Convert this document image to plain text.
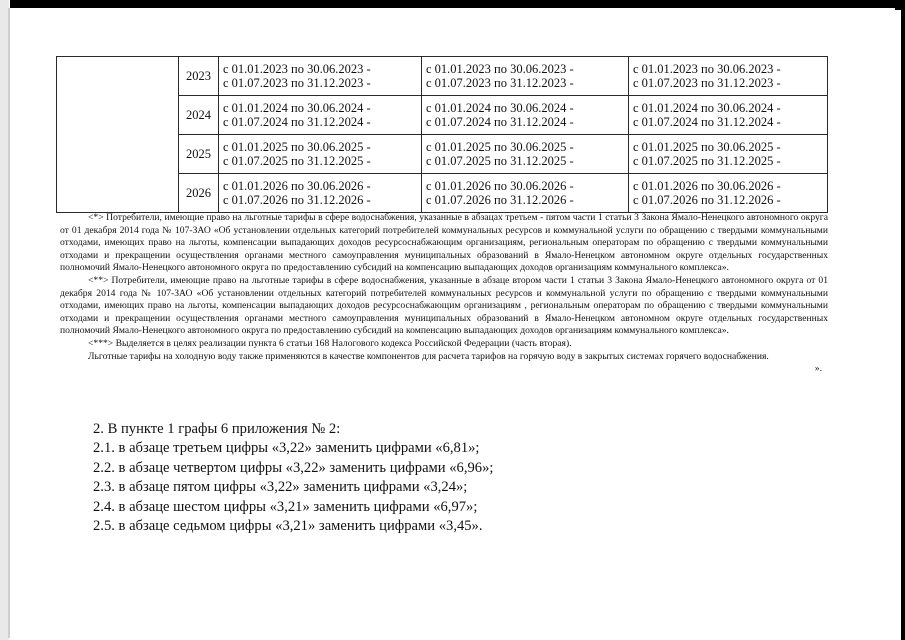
	2023	с 01.01.2023 по 30.06.2023 -
с 01.07.2023 по 31.12.2023 -	с 01.01.2023 по 30.06.2023 -
с 01.07.2023 по 31.12.2023 -	с 01.01.2023 по 30.06.2023 -
с 01.07.2023 по 31.12.2023 -

	2024	с 01.01.2024 по 30.06.2024 -
с 01.07.2024 по 31.12.2024 -	с 01.01.2024 по 30.06.2024 -
с 01.07.2024 по 31.12.2024 -	с 01.01.2024 по 30.06.2024 -
с 01.07.2024 по 31.12.2024 -

	2025	с 01.01.2025 по 30.06.2025 -
с 01.07.2025 по 31.12.2025 -	с 01.01.2025 по 30.06.2025 -
с 01.07.2025 по 31.12.2025 -	с 01.01.2025 по 30.06.2025 -
с 01.07.2025 по 31.12.2025 -

	2026	с 01.01.2026 по 30.06.2026 -
с 01.07.2026 по 31.12.2026 -	с 01.01.2026 по 30.06.2026 -
с 01.07.2026 по 31.12.2026 -	с 01.01.2026 по 30.06.2026 -
с 01.07.2026 по 31.12.2026 -

<*> Потребители, имеющие право на льготные тарифы в сфере водоснабжения, указанные в абзацах третьем - пятом части 1 статьи 3 Закона Ямало-Ненецкого автономного округа от 01 декабря 2014 года № 107-ЗАО «Об установлении отдельных категорий потребителей коммунальных ресурсов и коммунальной услуги по обращению с твердыми коммунальными отходами, имеющих право на льготы, компенсации выпадающих доходов ресурсоснабжающим организациям, региональным операторам по обращению с твердыми коммунальными отходами и прекращении осуществления органами местного самоуправления муниципальных образований в Ямало-Ненецком автономном округе отдельных государственных полномочий Ямало-Ненецкого автономного округа по предоставлению субсидий на компенсацию выпадающих доходов организациям коммунального комплекса».

<**> Потребители, имеющие право на льготные тарифы в сфере водоснабжения, указанные в абзаце втором части 1 статьи 3 Закона Ямало-Ненецкого автономного округа от 01 декабря 2014 года № 107-ЗАО «Об установлении отдельных категорий потребителей коммунальных ресурсов и коммунальной услуги по обращению с твердыми коммунальными отходами, имеющих право на льготы, компенсации выпадающих доходов ресурсоснабжающим организациям , региональным операторам по обращению с твердыми коммунальными отходами и прекращении осуществления органами местного самоуправления муниципальных образований в Ямало-Ненецком автономном округе отдельных государственных полномочий Ямало-Ненецкого автономного округа по предоставлению субсидий на компенсацию выпадающих доходов организациям коммунального комплекса».

<***> Выделяется в целях реализации пункта 6 статьи 168 Налогового кодекса Российской Федерации (часть вторая).

Льготные тарифы на холодную воду также применяются в качестве компонентов для расчета тарифов на горячую воду в закрытых системах горячего водоснабжения.
».

2. В пункте 1 графы 6 приложения № 2:
2.1. в абзаце третьем цифры «3,22» заменить цифрами «6,81»;
2.2. в абзаце четвертом цифры «3,22» заменить цифрами «6,96»;
2.3. в абзаце пятом цифры «3,22» заменить цифрами «3,24»;
2.4. в абзаце шестом цифры «3,21» заменить цифрами «6,97»;
2.5. в абзаце седьмом цифры «3,21» заменить цифрами «3,45».
